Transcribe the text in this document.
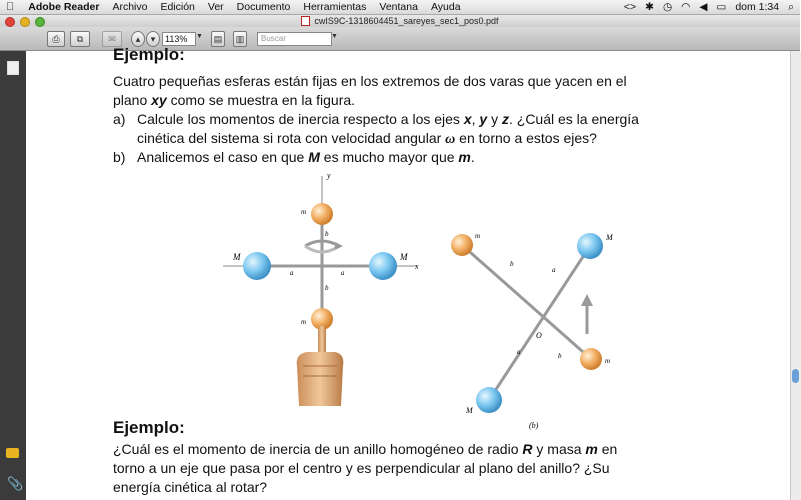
Adobe Reader Archivo Edición Ver Documento Herramientas Ventana Ayuda	<> ✱ ◷ ◠ ◀ ▭ dom 1:34 ⌕
cwIS9C-1318604451_sareyes_sec1_pos0.pdf
⎙	⧉	✉	▴	▾	113%	▼	▤	▥	Buscar	▼
📎
Ejemplo:
Cuatro pequeñas esferas están fijas en los extremos de dos varas que yacen en el
plano xy como se muestra en la figura.
a) Calcule los momentos de inercia respecto a los ejes x, y y z. ¿Cuál es la energía
cinética del sistema si rota con velocidad angular ω en torno a estos ejes?
b) Analicemos el caso en que M es mucho mayor que m.
y
x
M	M
m
m
b
b
a	a
m	M
M
m
b
a
a	b
O
(b)
Ejemplo:
¿Cuál es el momento de inercia de un anillo homogéneo de radio R y masa m en
torno a un eje que pasa por el centro y es perpendicular al plano del anillo? ¿Su
energía cinética al rotar?
